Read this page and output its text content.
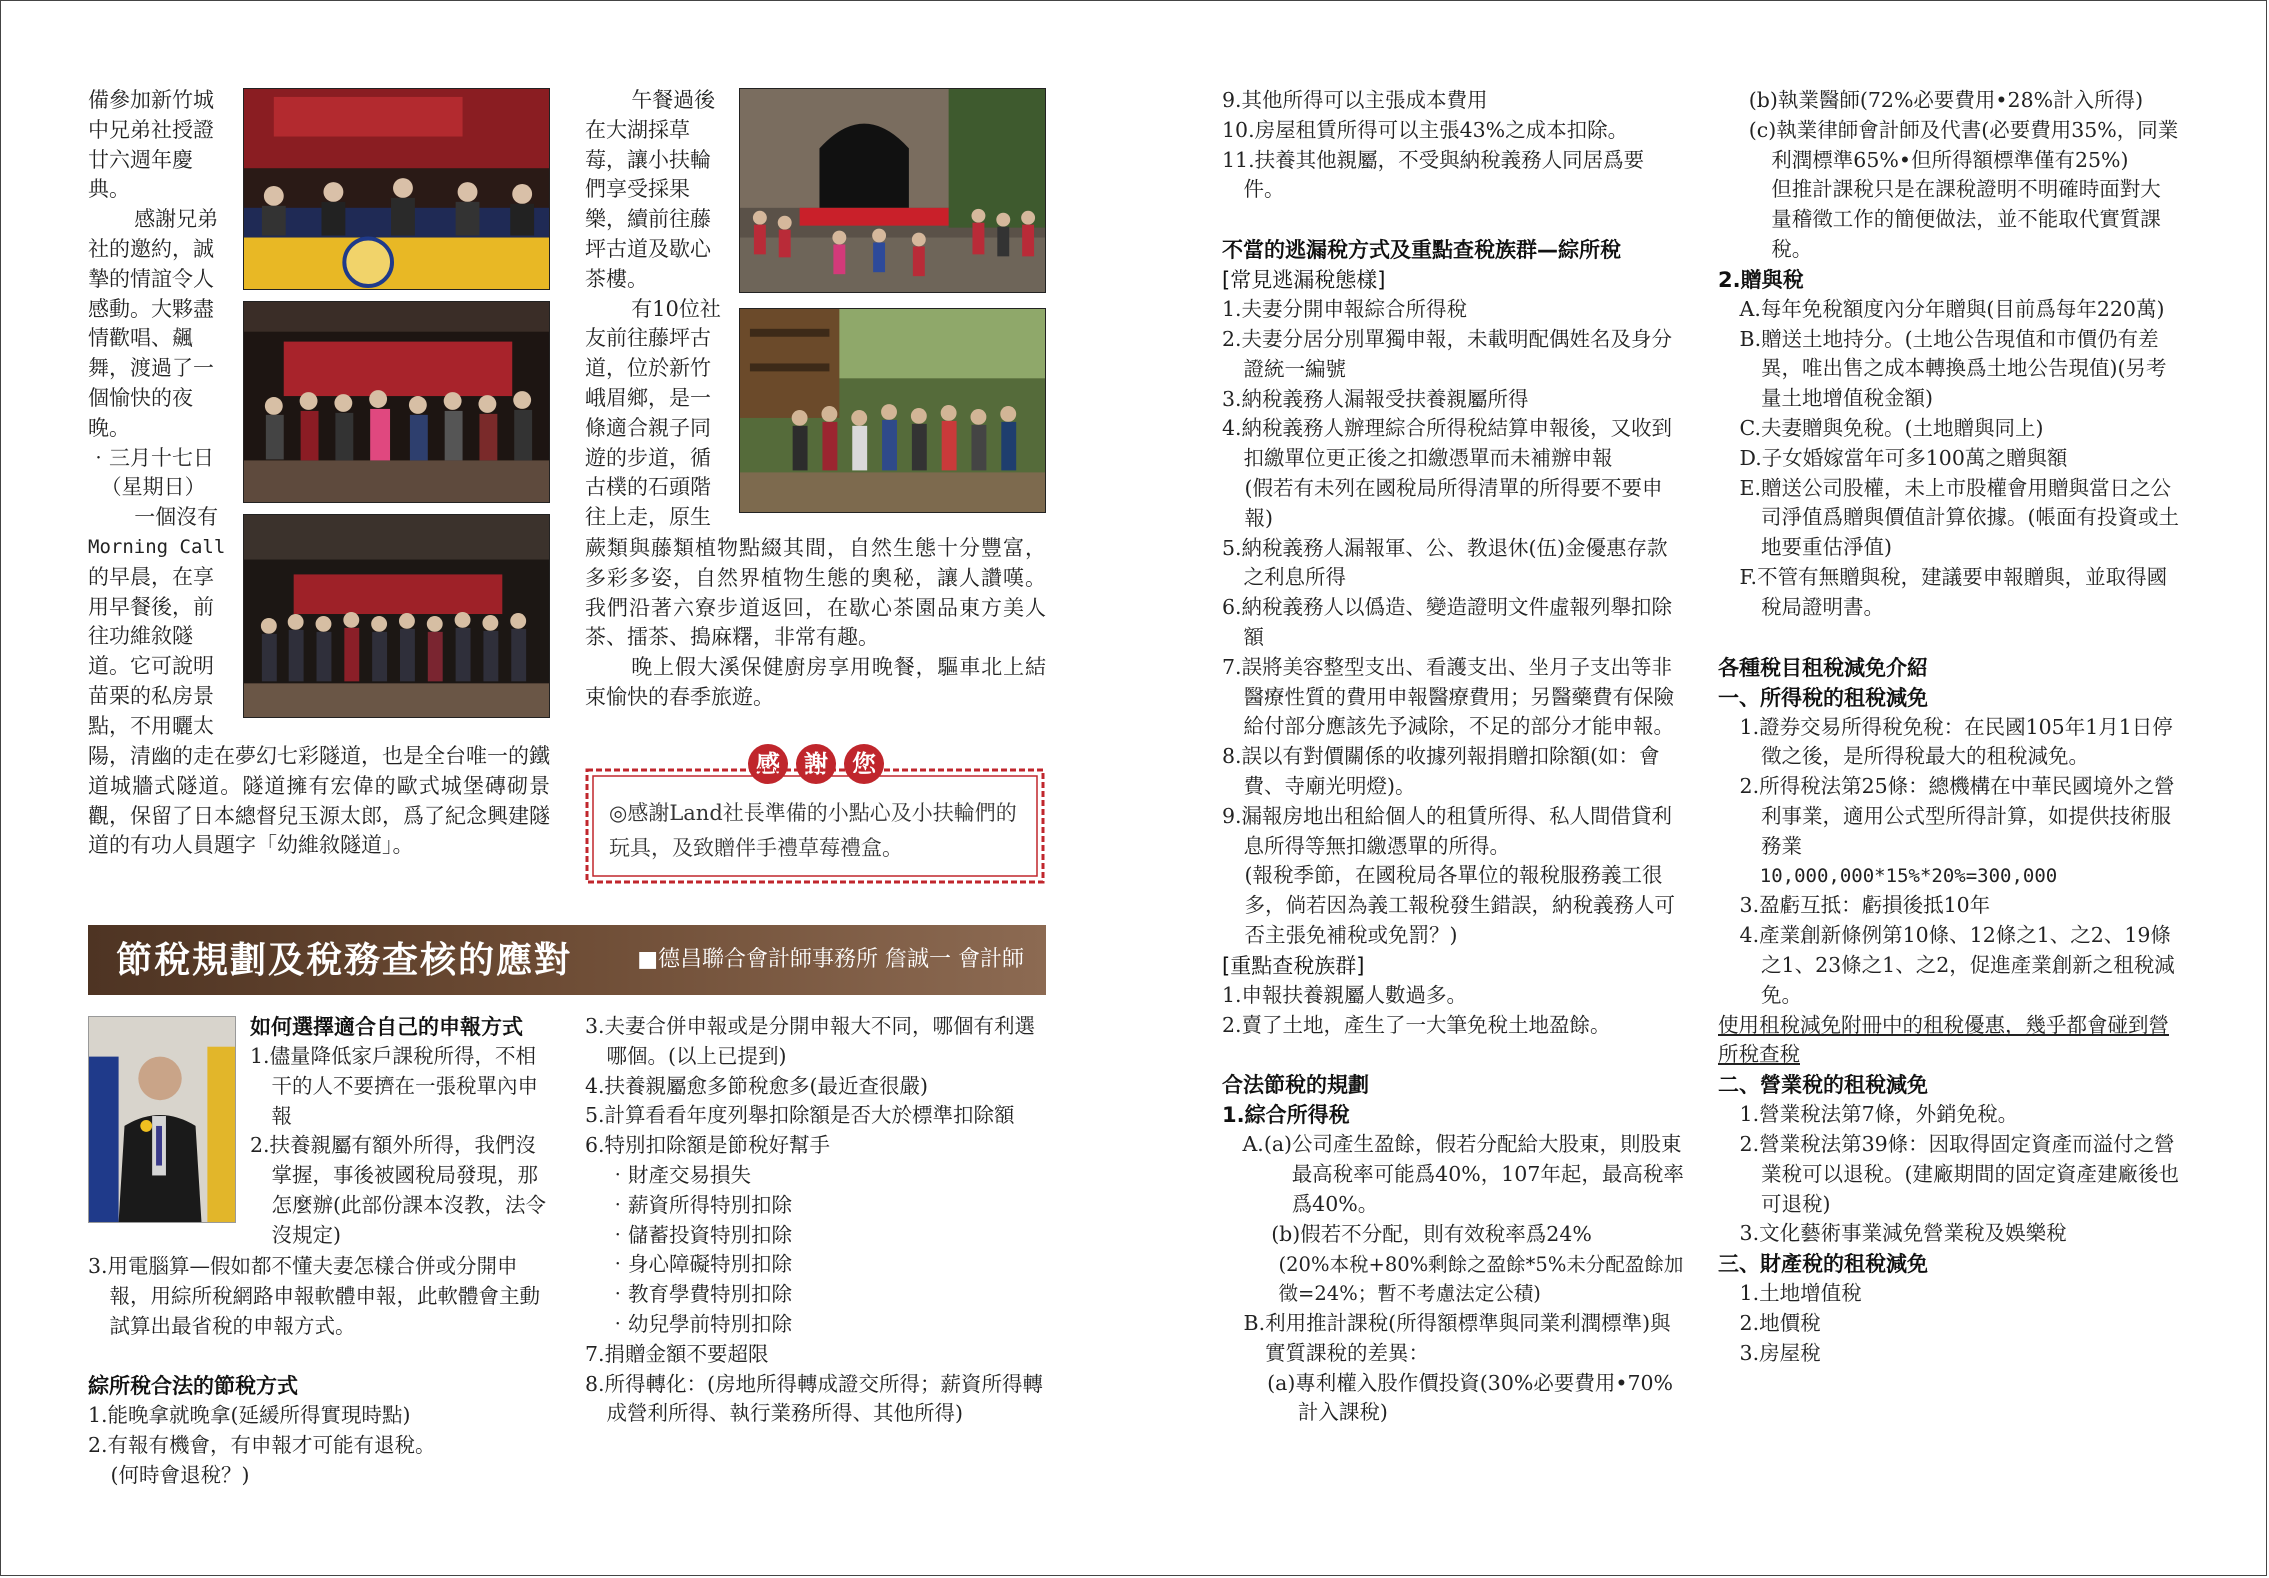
備參加新竹城

中兄弟社授證

廿六週年慶

典。

感謝兄弟

社的邀約，誠

摯的情誼令人

感動。大夥盡

情歡唱、飆

舞，渡過了一

個愉快的夜

晚。

‧三月十七日

（星期日）

一個沒有

Morning Call

的早晨，在享

用早餐後，前

往功維敘隧

道。它可說明

苗栗的私房景

點，不用曬太

陽，清幽的走在夢幻七彩隧道，也是全台唯一的鐵道城牆式隧道。隧道擁有宏偉的歐式城堡磚砌景觀，保留了日本總督兒玉源太郎，爲了紀念興建隧道的有功人員題字「幼維敘隧道」。

午餐過後

在大湖採草

莓，讓小扶輪

們享受採果

樂，續前往藤

坪古道及歇心

茶樓。

有10位社

友前往藤坪古

道，位於新竹

峨眉鄉，是一

條適合親子同

遊的步道，循

古樸的石頭階

往上走，原生

蕨類與藤類植物點綴其間，自然生態十分豐富，多彩多姿，自然界植物生態的奧秘，讓人讚嘆。我們沿著六寮步道返回，在歇心茶園品東方美人茶、擂茶、搗麻糬，非常有趣。

晚上假大溪保健廚房享用晚餐，驅車北上結束愉快的春季旅遊。

感	謝	您
◎感謝Land社長準備的小點心及小扶輪們的玩具，及致贈伴手禮草莓禮盒。
節稅規劃及稅務查核的應對	■德昌聯合會計師事務所 詹誠一 會計師
如何選擇適合自己的申報方式
1.儘量降低家戶課稅所得，不相干的人不要擠在一張稅單內申報
2.扶養親屬有額外所得，我們沒掌握，事後被國稅局發現，那怎麼辦(此部份課本沒教，法令沒規定)
3.用電腦算—假如都不懂夫妻怎樣合併或分開申報，用綜所稅網路申報軟體申報，此軟體會主動試算出最省稅的申報方式。
綜所稅合法的節稅方式
1.能晚拿就晚拿(延緩所得實現時點)
2.有報有機會，有申報才可能有退稅。
(何時會退稅？)
3.夫妻合併申報或是分開申報大不同，哪個有利選哪個。(以上已提到)
4.扶養親屬愈多節稅愈多(最近查很嚴)
5.計算看看年度列舉扣除額是否大於標準扣除額
6.特別扣除額是節稅好幫手
‧財產交易損失
‧薪資所得特別扣除
‧儲蓄投資特別扣除
‧身心障礙特別扣除
‧教育學費特別扣除
‧幼兒學前特別扣除
7.捐贈金額不要超限
8.所得轉化：(房地所得轉成證交所得；薪資所得轉成營利所得、執行業務所得、其他所得)
9.其他所得可以主張成本費用
10.房屋租賃所得可以主張43%之成本扣除。
11.扶養其他親屬，不受與納稅義務人同居爲要件。
不當的逃漏稅方式及重點查稅族群—綜所稅
[常見逃漏稅態樣]
1.夫妻分開申報綜合所得稅
2.夫妻分居分別單獨申報，未載明配偶姓名及身分證統一編號
3.納稅義務人漏報受扶養親屬所得
4.納稅義務人辦理綜合所得稅結算申報後，又收到扣繳單位更正後之扣繳憑單而未補辦申報
(假若有未列在國稅局所得清單的所得要不要申報)
5.納稅義務人漏報軍、公、教退休(伍)金優惠存款之利息所得
6.納稅義務人以僞造、變造證明文件虛報列舉扣除額
7.誤將美容整型支出、看護支出、坐月子支出等非醫療性質的費用申報醫療費用；另醫藥費有保險給付部分應該先予減除，不足的部分才能申報。
8.誤以有對價關係的收據列報捐贈扣除額(如：會費、寺廟光明燈)。
9.漏報房地出租給個人的租賃所得、私人間借貸利息所得等無扣繳憑單的所得。
(報稅季節，在國稅局各單位的報稅服務義工很多，倘若因為義工報稅發生錯誤，納稅義務人可否主張免補稅或免罰？)
[重點查稅族群]
1.申報扶養親屬人數過多。
2.賣了土地，產生了一大筆免稅土地盈餘。
合法節稅的規劃
1.綜合所得稅
A.(a)公司產生盈餘，假若分配給大股東，則股東最高稅率可能爲40%，107年起，最高稅率爲40%。
(b)假若不分配，則有效稅率爲24%
(20%本稅+80%剩餘之盈餘*5%未分配盈餘加徵=24%；暫不考慮法定公積)
B.利用推計課稅(所得額標準與同業利潤標準)與實質課稅的差異：
(a)專利權入股作價投資(30%必要費用•70%計入課稅)
(b)執業醫師(72%必要費用•28%計入所得)
(c)執業律師會計師及代書(必要費用35%，同業利潤標準65%•但所得額標準僅有25%)
但推計課稅只是在課稅證明不明確時面對大量稽徵工作的簡便做法，並不能取代實質課稅。
2.贈與稅
A.每年免稅額度內分年贈與(目前爲每年220萬)
B.贈送土地持分。(土地公告現值和市價仍有差異，唯出售之成本轉換爲土地公告現值)(另考量土地增值稅金額)
C.夫妻贈與免稅。(土地贈與同上)
D.子女婚嫁當年可多100萬之贈與額
E.贈送公司股權，未上市股權會用贈與當日之公司淨值爲贈與價值計算依據。(帳面有投資或土地要重估淨值)
F.不管有無贈與稅，建議要申報贈與，並取得國稅局證明書。
各種稅目租稅減免介紹
一、所得稅的租稅減免
1.證券交易所得稅免稅：在民國105年1月1日停徵之後，是所得稅最大的租稅減免。
2.所得稅法第25條：總機構在中華民國境外之營利事業，適用公式型所得計算，如提供技術服務業
10,000,000*15%*20%=300,000
3.盈虧互抵：虧損後抵10年
4.產業創新條例第10條、12條之1、之2、19條之1、23條之1、之2，促進產業創新之租稅減免。
使用租稅減免附冊中的租稅優惠，幾乎都會碰到營所稅查稅
二、營業稅的租稅減免
1.營業稅法第7條，外銷免稅。
2.營業稅法第39條：因取得固定資產而溢付之營業稅可以退稅。(建廠期間的固定資產建廠後也可退稅)
3.文化藝術事業減免營業稅及娛樂稅
三、財產稅的租稅減免
1.土地增值稅
2.地價稅
3.房屋稅
